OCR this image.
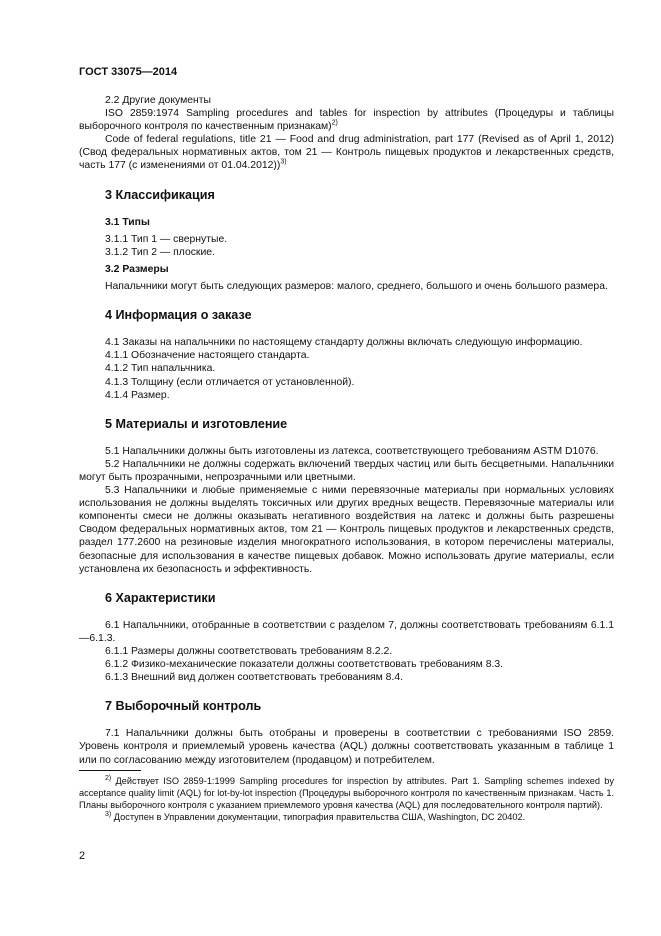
ГОСТ 33075—2014

2.2 Другие документы

ISO 2859:1974 Sampling procedures and tables for inspection by attributes (Процедуры и таблицы выборочного контроля по качественным признакам)$^{2)}$

Code of federal regulations, title 21 — Food and drug administration, part 177 (Revised as of April 1, 2012) (Свод федеральных нормативных актов, том 21 — Контроль пищевых продуктов и лекарственных средств, часть 177 (с изменениями от 01.04.2012))$^{3)}$

3 Классификация

3.1 Типы

3.1.1 Тип 1 — свернутые.

3.1.2 Тип 2 — плоские.

3.2 Размеры

Напальчники могут быть следующих размеров: малого, среднего, большого и очень большого размера.

4 Информация о заказе

4.1 Заказы на напальчники по настоящему стандарту должны включать следующую информацию.

4.1.1 Обозначение настоящего стандарта.

4.1.2 Тип напальчника.

4.1.3 Толщину (если отличается от установленной).

4.1.4 Размер.

5 Материалы и изготовление

5.1 Напальчники должны быть изготовлены из латекса, соответствующего требованиям ASTM D1076.

5.2 Напальчники не должны содержать включений твердых частиц или быть бесцветными. Напальчники могут быть прозрачными, непрозрачными или цветными.

5.3 Напальчники и любые применяемые с ними перевязочные материалы при нормальных условиях использования не должны выделять токсичных или других вредных веществ. Перевязочные материалы или компоненты смеси не должны оказывать негативного воздействия на латекс и должны быть разрешены Сводом федеральных нормативных актов, том 21 — Контроль пищевых продуктов и лекарственных средств, раздел 177.2600 на резиновые изделия многократного использования, в котором перечислены материалы, безопасные для использования в качестве пищевых добавок. Можно использовать другие материалы, если установлена их безопасность и эффективность.

6 Характеристики

6.1 Напальчники, отобранные в соответствии с разделом 7, должны соответствовать требованиям 6.1.1—6.1.3.

6.1.1 Размеры должны соответствовать требованиям 8.2.2.

6.1.2 Физико-механические показатели должны соответствовать требованиям 8.3.

6.1.3 Внешний вид должен соответствовать требованиям 8.4.

7 Выборочный контроль

7.1 Напальчники должны быть отобраны и проверены в соответствии с требованиями ISO 2859. Уровень контроля и приемлемый уровень качества (AQL) должны соответствовать указанным в таблице 1 или по согласованию между изготовителем (продавцом) и потребителем.

$^{2)}$ Действует ISO 2859-1:1999 Sampling procedures for inspection by attributes. Part 1. Sampling schemes indexed by acceptance quality limit (AQL) for lot-by-lot inspection (Процедуры выборочного контроля по качественным признакам. Часть 1. Планы выборочного контроля с указанием приемлемого уровня качества (AQL) для последовательного контроля партий).

$^{3)}$ Доступен в Управлении документации, типография правительства США, Washington, DC 20402.

2
